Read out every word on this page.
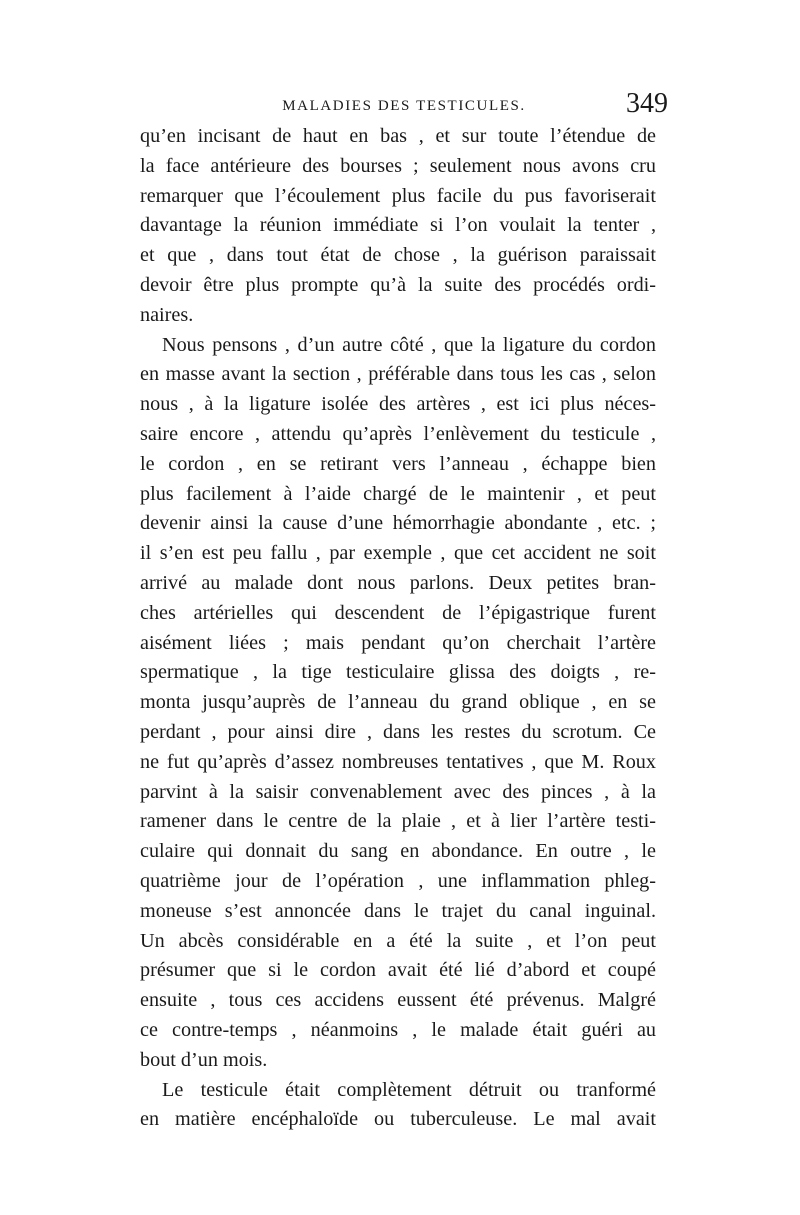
MALADIES DES TESTICULES.	349
qu’en incisant de haut en bas , et sur toute l’étendue de
la face antérieure des bourses ; seulement nous avons cru
remarquer que l’écoulement plus facile du pus favoriserait
davantage la réunion immédiate si l’on voulait la tenter ,
et que , dans tout état de chose , la guérison paraissait
devoir être plus prompte qu’à la suite des procédés ordi-
naires.
Nous pensons , d’un autre côté , que la ligature du cordon
en masse avant la section , préférable dans tous les cas , selon
nous , à la ligature isolée des artères , est ici plus néces-
saire encore , attendu qu’après l’enlèvement du testicule ,
le cordon , en se retirant vers l’anneau , échappe bien
plus facilement à l’aide chargé de le maintenir , et peut
devenir ainsi la cause d’une hémorrhagie abondante , etc. ;
il s’en est peu fallu , par exemple , que cet accident ne soit
arrivé au malade dont nous parlons. Deux petites bran-
ches artérielles qui descendent de l’épigastrique furent
aisément liées ; mais pendant qu’on cherchait l’artère
spermatique , la tige testiculaire glissa des doigts , re-
monta jusqu’auprès de l’anneau du grand oblique , en se
perdant , pour ainsi dire , dans les restes du scrotum. Ce
ne fut qu’après d’assez nombreuses tentatives , que M. Roux
parvint à la saisir convenablement avec des pinces , à la
ramener dans le centre de la plaie , et à lier l’artère testi-
culaire qui donnait du sang en abondance. En outre , le
quatrième jour de l’opération , une inflammation phleg-
moneuse s’est annoncée dans le trajet du canal inguinal.
Un abcès considérable en a été la suite , et l’on peut
présumer que si le cordon avait été lié d’abord et coupé
ensuite , tous ces accidens eussent été prévenus. Malgré
ce contre-temps , néanmoins , le malade était guéri au
bout d’un mois.
Le testicule était complètement détruit ou tranformé
en matière encéphaloïde ou tuberculeuse. Le mal avait
